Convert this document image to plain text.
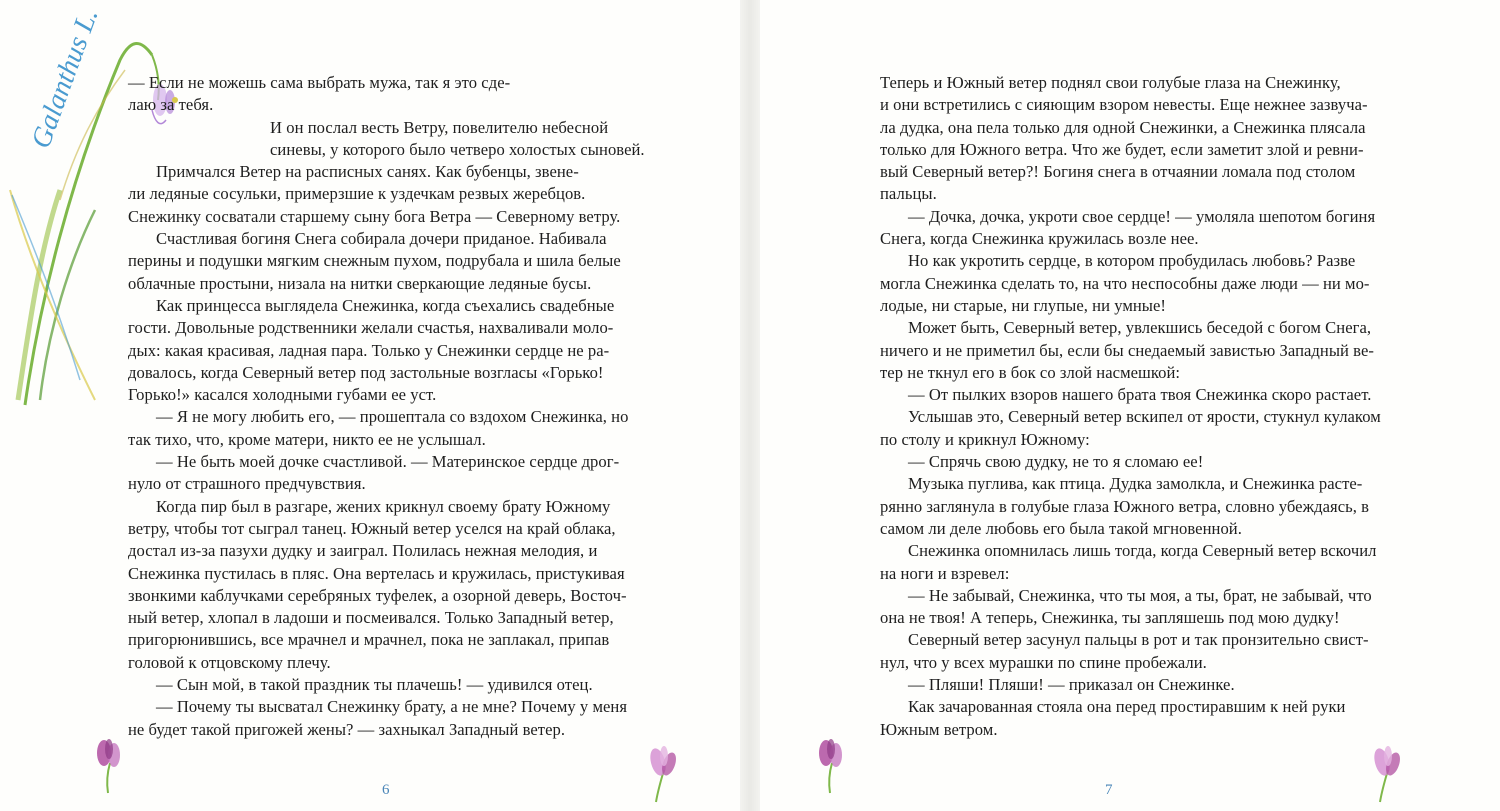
Galanthus L. — Если не можешь сама выбрать мужа, так я это сде-

лаю за тебя.

И он послал весть Ветру, повелителю небесной

синевы, у которого было четверо холостых сыновей.

Примчался Ветер на расписных санях. Как бубенцы, звене-

ли ледяные сосульки, примерзшие к уздечкам резвых жеребцов.

Снежинку сосватали старшему сыну бога Ветра — Северному ветру.

Счастливая богиня Снега собирала дочери приданое. Набивала

перины и подушки мягким снежным пухом, подрубала и шила белые

облачные простыни, низала на нитки сверкающие ледяные бусы.

Как принцесса выглядела Снежинка, когда съехались свадебные

гости. Довольные родственники желали счастья, нахваливали моло-

дых: какая красивая, ладная пара. Только у Снежинки сердце не ра-

довалось, когда Северный ветер под застольные возгласы «Горько!

Горько!» касался холодными губами ее уст.

— Я не могу любить его, — прошептала со вздохом Снежинка, но

так тихо, что, кроме матери, никто ее не услышал.

— Не быть моей дочке счастливой. — Материнское сердце дрог-

нуло от страшного предчувствия.

Когда пир был в разгаре, жених крикнул своему брату Южному

ветру, чтобы тот сыграл танец. Южный ветер уселся на край облака,

достал из-за пазухи дудку и заиграл. Полилась нежная мелодия, и

Снежинка пустилась в пляс. Она вертелась и кружилась, пристукивая

звонкими каблучками серебряных туфелек, а озорной деверь, Восточ-

ный ветер, хлопал в ладоши и посмеивался. Только Западный ветер,

пригорюнившись, все мрачнел и мрачнел, пока не заплакал, припав

головой к отцовскому плечу.

— Сын мой, в такой праздник ты плачешь! — удивился отец.

— Почему ты высватал Снежинку брату, а не мне? Почему у меня

не будет такой пригожей жены? — захныкал Западный ветер.

6

Теперь и Южный ветер поднял свои голубые глаза на Снежинку,

и они встретились с сияющим взором невесты. Еще нежнее зазвуча-

ла дудка, она пела только для одной Снежинки, а Снежинка плясала

только для Южного ветра. Что же будет, если заметит злой и ревни-

вый Северный ветер?! Богиня снега в отчаянии ломала под столом

пальцы.

— Дочка, дочка, укроти свое сердце! — умоляла шепотом богиня

Снега, когда Снежинка кружилась возле нее.

Но как укротить сердце, в котором пробудилась любовь? Разве

могла Снежинка сделать то, на что неспособны даже люди — ни мо-

лодые, ни старые, ни глупые, ни умные!

Может быть, Северный ветер, увлекшись беседой с богом Снега,

ничего и не приметил бы, если бы снедаемый завистью Западный ве-

тер не ткнул его в бок со злой насмешкой:

— От пылких взоров нашего брата твоя Снежинка скоро растает.

Услышав это, Северный ветер вскипел от ярости, стукнул кулаком

по столу и крикнул Южному:

— Спрячь свою дудку, не то я сломаю ее!

Музыка пуглива, как птица. Дудка замолкла, и Снежинка расте-

рянно заглянула в голубые глаза Южного ветра, словно убеждаясь, в

самом ли деле любовь его была такой мгновенной.

Снежинка опомнилась лишь тогда, когда Северный ветер вскочил

на ноги и взревел:

— Не забывай, Снежинка, что ты моя, а ты, брат, не забывай, что

она не твоя! А теперь, Снежинка, ты запляшешь под мою дудку!

Северный ветер засунул пальцы в рот и так пронзительно свист-

нул, что у всех мурашки по спине пробежали.

— Пляши! Пляши! — приказал он Снежинке.

Как зачарованная стояла она перед простиравшим к ней руки

Южным ветром.

7
